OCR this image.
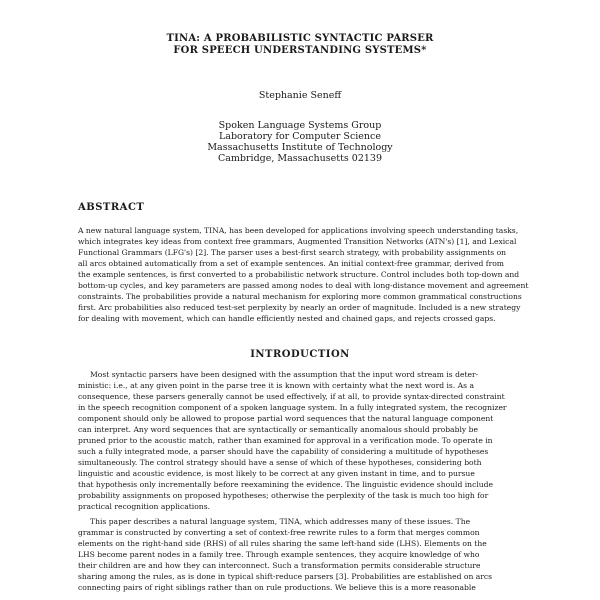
TINA: A PROBABILISTIC SYNTACTIC PARSER
FOR SPEECH UNDERSTANDING SYSTEMS*
Stephanie Seneff
Spoken Language Systems Group
Laboratory for Computer Science
Massachusetts Institute of Technology
Cambridge, Massachusetts 02139
ABSTRACT
A new natural language system, TINA, has been developed for applications involving speech understanding tasks,
which integrates key ideas from context free grammars, Augmented Transition Networks (ATN's) [1], and Lexical
Functional Grammars (LFG's) [2]. The parser uses a best-first search strategy, with probability assignments on
all arcs obtained automatically from a set of example sentences. An initial context-free grammar, derived from
the example sentences, is first converted to a probabilistic network structure. Control includes both top-down and
bottom-up cycles, and key parameters are passed among nodes to deal with long-distance movement and agreement
constraints. The probabilities provide a natural mechanism for exploring more common grammatical constructions
first. Arc probabilities also reduced test-set perplexity by nearly an order of magnitude. Included is a new strategy
for dealing with movement, which can handle efficiently nested and chained gaps, and rejects crossed gaps.
INTRODUCTION
Most syntactic parsers have been designed with the assumption that the input word stream is deter-
ministic: i.e., at any given point in the parse tree it is known with certainty what the next word is. As a
consequence, these parsers generally cannot be used effectively, if at all, to provide syntax-directed constraint
in the speech recognition component of a spoken language system. In a fully integrated system, the recognizer
component should only be allowed to propose partial word sequences that the natural language component
can interpret. Any word sequences that are syntactically or semantically anomalous should probably be
pruned prior to the acoustic match, rather than examined for approval in a verification mode. To operate in
such a fully integrated mode, a parser should have the capability of considering a multitude of hypotheses
simultaneously. The control strategy should have a sense of which of these hypotheses, considering both
linguistic and acoustic evidence, is most likely to be correct at any given instant in time, and to pursue
that hypothesis only incrementally before reexamining the evidence. The linguistic evidence should include
probability assignments on proposed hypotheses; otherwise the perplexity of the task is much too high for
practical recognition applications.
This paper describes a natural language system, TINA, which addresses many of these issues. The
grammar is constructed by converting a set of context-free rewrite rules to a form that merges common
elements on the right-hand side (RHS) of all rules sharing the same left-hand side (LHS). Elements on the
LHS become parent nodes in a family tree. Through example sentences, they acquire knowledge of who
their children are and how they can interconnect. Such a transformation permits considerable structure
sharing among the rules, as is done in typical shift-reduce parsers [3]. Probabilities are established on arcs
connecting pairs of right siblings rather than on rule productions. We believe this is a more reasonable
